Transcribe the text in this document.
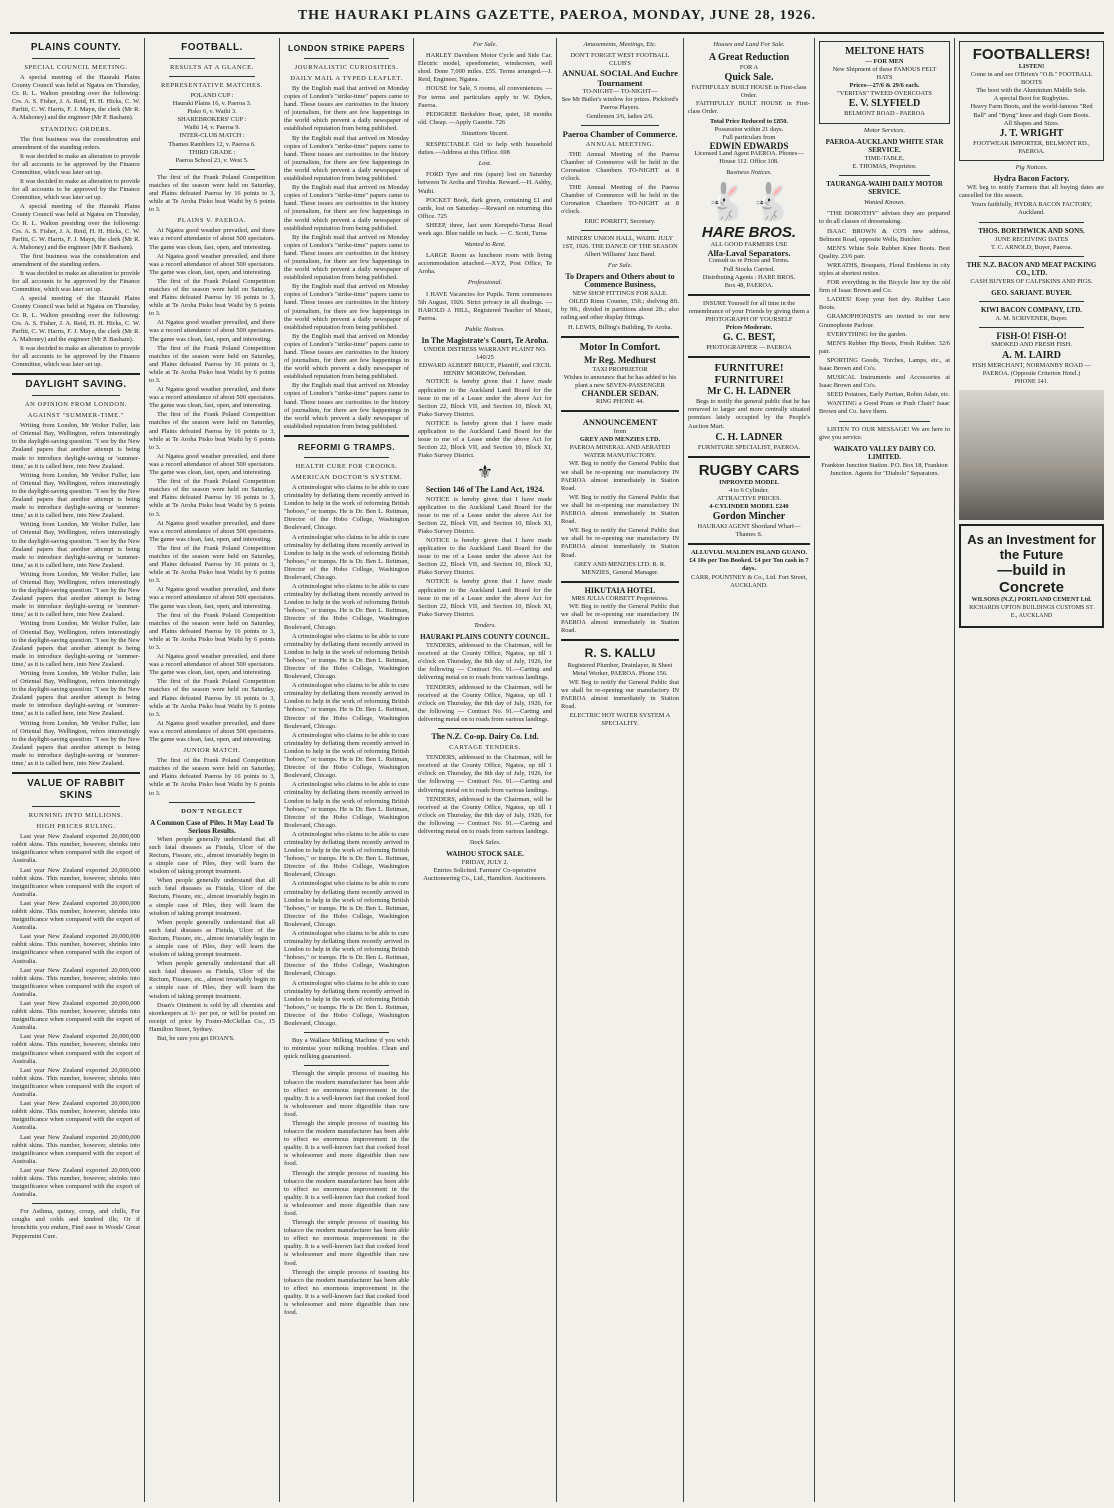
THE HAURAKI PLAINS GAZETTE, PAEROA, MONDAY, JUNE 28, 1926.
PLAINS COUNTY.
SPECIAL COUNCIL MEETING.

A special meeting of the Hauraki Plains County Council was held at Ngatea on Thursday, Cr. R. L. Walton presiding over the following: Crs. A. S. Fisher, J. A. Reid, H. H. Hicks, C. W. Parfitt, C. W. Harris, F. J. Mayn, the clerk (Mr R. A. Mahoney) and the engineer (Mr P. Basham).

STANDING ORDERS.

The first business was the consideration and amendment of the standing orders.

It was decided to make an alteration to provide for all accounts to be approved by the Finance Committee, which was later set up.

It was decided to make an alteration to provide for all accounts to be approved by the Finance Committee, which was later set up.

A special meeting of the Hauraki Plains County Council was held at Ngatea on Thursday, Cr. R. L. Walton presiding over the following: Crs. A. S. Fisher, J. A. Reid, H. H. Hicks, C. W. Parfitt, C. W. Harris, F. J. Mayn, the clerk (Mr R. A. Mahoney) and the engineer (Mr P. Basham).

The first business was the consideration and amendment of the standing orders.

It was decided to make an alteration to provide for all accounts to be approved by the Finance Committee, which was later set up.

A special meeting of the Hauraki Plains County Council was held at Ngatea on Thursday, Cr. R. L. Walton presiding over the following: Crs. A. S. Fisher, J. A. Reid, H. H. Hicks, C. W. Parfitt, C. W. Harris, F. J. Mayn, the clerk (Mr R. A. Mahoney) and the engineer (Mr P. Basham).

It was decided to make an alteration to provide for all accounts to be approved by the Finance Committee, which was later set up.

DAYLIGHT SAVING.
AN OPINION FROM LONDON.
AGAINST "SUMMER-TIME."

Writing from London, Mr Wolter Fuller, late of Oriental Bay, Wellington, refers interestingly to the daylight-saving question. "I see by the New Zealand papers that another attempt is being made to introduce daylight-saving or 'summer-time,' as it is called here, into New Zealand.

Writing from London, Mr Wolter Fuller, late of Oriental Bay, Wellington, refers interestingly to the daylight-saving question. "I see by the New Zealand papers that another attempt is being made to introduce daylight-saving or 'summer-time,' as it is called here, into New Zealand.

Writing from London, Mr Wolter Fuller, late of Oriental Bay, Wellington, refers interestingly to the daylight-saving question. "I see by the New Zealand papers that another attempt is being made to introduce daylight-saving or 'summer-time,' as it is called here, into New Zealand.

Writing from London, Mr Wolter Fuller, late of Oriental Bay, Wellington, refers interestingly to the daylight-saving question. "I see by the New Zealand papers that another attempt is being made to introduce daylight-saving or 'summer-time,' as it is called here, into New Zealand.

Writing from London, Mr Wolter Fuller, late of Oriental Bay, Wellington, refers interestingly to the daylight-saving question. "I see by the New Zealand papers that another attempt is being made to introduce daylight-saving or 'summer-time,' as it is called here, into New Zealand.

Writing from London, Mr Wolter Fuller, late of Oriental Bay, Wellington, refers interestingly to the daylight-saving question. "I see by the New Zealand papers that another attempt is being made to introduce daylight-saving or 'summer-time,' as it is called here, into New Zealand.

Writing from London, Mr Wolter Fuller, late of Oriental Bay, Wellington, refers interestingly to the daylight-saving question. "I see by the New Zealand papers that another attempt is being made to introduce daylight-saving or 'summer-time,' as it is called here, into New Zealand.

VALUE OF RABBIT SKINS
RUNNING INTO MILLIONS.
HIGH PRICES RULING.

Last year New Zealand exported 20,000,000 rabbit skins. This number, however, shrinks into insignificance when compared with the export of Australia.

Last year New Zealand exported 20,000,000 rabbit skins. This number, however, shrinks into insignificance when compared with the export of Australia.

Last year New Zealand exported 20,000,000 rabbit skins. This number, however, shrinks into insignificance when compared with the export of Australia.

Last year New Zealand exported 20,000,000 rabbit skins. This number, however, shrinks into insignificance when compared with the export of Australia.

Last year New Zealand exported 20,000,000 rabbit skins. This number, however, shrinks into insignificance when compared with the export of Australia.

Last year New Zealand exported 20,000,000 rabbit skins. This number, however, shrinks into insignificance when compared with the export of Australia.

Last year New Zealand exported 20,000,000 rabbit skins. This number, however, shrinks into insignificance when compared with the export of Australia.

Last year New Zealand exported 20,000,000 rabbit skins. This number, however, shrinks into insignificance when compared with the export of Australia.

Last year New Zealand exported 20,000,000 rabbit skins. This number, however, shrinks into insignificance when compared with the export of Australia.

Last year New Zealand exported 20,000,000 rabbit skins. This number, however, shrinks into insignificance when compared with the export of Australia.

Last year New Zealand exported 20,000,000 rabbit skins. This number, however, shrinks into insignificance when compared with the export of Australia.

For Asthma, quinsy, croup, and chills, For coughs and colds and kindred ills; Or if bronchitis you endure, Find ease in Woods' Great Peppermint Cure.

FOOTBALL.
RESULTS AT A GLANCE.
REPRESENTATIVE MATCHES.
POLAND CUP :
Hauraki Plains 16, v. Paeroa 3.
Pisko 6, v. Waihi 3.
SHAREBROKERS' CUP :
Waihi 14, v. Paeroa 9.
INTER-CLUB MATCH :
Thames Ramblers 12, v. Paeroa 6.
THIRD GRADE :
Paeroa School 23, v. West 5.

The first of the Frank Poland Competition matches of the season were held on Saturday, and Plains defeated Paeroa by 16 points to 3, while at Te Aroha Pisko beat Waihi by 6 points to 3.

PLAINS V. PAEROA.

At Ngatea good weather prevailed, and there was a record attendance of about 500 spectators. The game was clean, fast, open, and interesting.

At Ngatea good weather prevailed, and there was a record attendance of about 500 spectators. The game was clean, fast, open, and interesting.

The first of the Frank Poland Competition matches of the season were held on Saturday, and Plains defeated Paeroa by 16 points to 3, while at Te Aroha Pisko beat Waihi by 6 points to 3.

At Ngatea good weather prevailed, and there was a record attendance of about 500 spectators. The game was clean, fast, open, and interesting.

The first of the Frank Poland Competition matches of the season were held on Saturday, and Plains defeated Paeroa by 16 points to 3, while at Te Aroha Pisko beat Waihi by 6 points to 3.

At Ngatea good weather prevailed, and there was a record attendance of about 500 spectators. The game was clean, fast, open, and interesting.

The first of the Frank Poland Competition matches of the season were held on Saturday, and Plains defeated Paeroa by 16 points to 3, while at Te Aroha Pisko beat Waihi by 6 points to 3.

At Ngatea good weather prevailed, and there was a record attendance of about 500 spectators. The game was clean, fast, open, and interesting.

The first of the Frank Poland Competition matches of the season were held on Saturday, and Plains defeated Paeroa by 16 points to 3, while at Te Aroha Pisko beat Waihi by 6 points to 3.

At Ngatea good weather prevailed, and there was a record attendance of about 500 spectators. The game was clean, fast, open, and interesting.

The first of the Frank Poland Competition matches of the season were held on Saturday, and Plains defeated Paeroa by 16 points to 3, while at Te Aroha Pisko beat Waihi by 6 points to 3.

At Ngatea good weather prevailed, and there was a record attendance of about 500 spectators. The game was clean, fast, open, and interesting.

The first of the Frank Poland Competition matches of the season were held on Saturday, and Plains defeated Paeroa by 16 points to 3, while at Te Aroha Pisko beat Waihi by 6 points to 3.

At Ngatea good weather prevailed, and there was a record attendance of about 500 spectators. The game was clean, fast, open, and interesting.

The first of the Frank Poland Competition matches of the season were held on Saturday, and Plains defeated Paeroa by 16 points to 3, while at Te Aroha Pisko beat Waihi by 6 points to 3.

At Ngatea good weather prevailed, and there was a record attendance of about 500 spectators. The game was clean, fast, open, and interesting.

JUNIOR MATCH.

The first of the Frank Poland Competition matches of the season were held on Saturday, and Plains defeated Paeroa by 16 points to 3, while at Te Aroha Pisko beat Waihi by 6 points to 3.

DON'T NEGLECT
A Common Case of Piles. It May Lead To Serious Results.

When people generally understand that all such fatal diseases as Fistula, Ulcer of the Rectum, Fissure, etc., almost invariably begin in a simple case of Piles, they will learn the wisdom of taking prompt treatment.

When people generally understand that all such fatal diseases as Fistula, Ulcer of the Rectum, Fissure, etc., almost invariably begin in a simple case of Piles, they will learn the wisdom of taking prompt treatment.

When people generally understand that all such fatal diseases as Fistula, Ulcer of the Rectum, Fissure, etc., almost invariably begin in a simple case of Piles, they will learn the wisdom of taking prompt treatment.

When people generally understand that all such fatal diseases as Fistula, Ulcer of the Rectum, Fissure, etc., almost invariably begin in a simple case of Piles, they will learn the wisdom of taking prompt treatment.

Doan's Ointment is sold by all chemists and storekeepers at 3/- per pot, or will be posted on receipt of price by Foster-McClellan Co., 15 Hamilton Street, Sydney.

But, be sure you get DOAN'S.

LONDON STRIKE PAPERS
JOURNALISTIC CURIOSITIES.
DAILY MAIL A TYPED LEAFLET.

By the English mail that arrived on Monday copies of London's "strike-time" papers came to hand. These issues are curiosities in the history of journalism, for there are few happenings in the world which prevent a daily newspaper of established reputation from being published.

By the English mail that arrived on Monday copies of London's "strike-time" papers came to hand. These issues are curiosities in the history of journalism, for there are few happenings in the world which prevent a daily newspaper of established reputation from being published.

By the English mail that arrived on Monday copies of London's "strike-time" papers came to hand. These issues are curiosities in the history of journalism, for there are few happenings in the world which prevent a daily newspaper of established reputation from being published.

By the English mail that arrived on Monday copies of London's "strike-time" papers came to hand. These issues are curiosities in the history of journalism, for there are few happenings in the world which prevent a daily newspaper of established reputation from being published.

By the English mail that arrived on Monday copies of London's "strike-time" papers came to hand. These issues are curiosities in the history of journalism, for there are few happenings in the world which prevent a daily newspaper of established reputation from being published.

By the English mail that arrived on Monday copies of London's "strike-time" papers came to hand. These issues are curiosities in the history of journalism, for there are few happenings in the world which prevent a daily newspaper of established reputation from being published.

By the English mail that arrived on Monday copies of London's "strike-time" papers came to hand. These issues are curiosities in the history of journalism, for there are few happenings in the world which prevent a daily newspaper of established reputation from being published.

REFORMI G TRAMPS.
HEALTH CURE FOR CROOKS.
AMERICAN DOCTOR'S SYSTEM.

A criminologist who claims to be able to cure criminality by deflating them recently arrived in London to help in the work of reforming British "hoboes," or tramps. He is Dr. Ben L. Reitman, Director of the Hobo College, Washington Boulevard, Chicago.

A criminologist who claims to be able to cure criminality by deflating them recently arrived in London to help in the work of reforming British "hoboes," or tramps. He is Dr. Ben L. Reitman, Director of the Hobo College, Washington Boulevard, Chicago.

A criminologist who claims to be able to cure criminality by deflating them recently arrived in London to help in the work of reforming British "hoboes," or tramps. He is Dr. Ben L. Reitman, Director of the Hobo College, Washington Boulevard, Chicago.

A criminologist who claims to be able to cure criminality by deflating them recently arrived in London to help in the work of reforming British "hoboes," or tramps. He is Dr. Ben L. Reitman, Director of the Hobo College, Washington Boulevard, Chicago.

A criminologist who claims to be able to cure criminality by deflating them recently arrived in London to help in the work of reforming British "hoboes," or tramps. He is Dr. Ben L. Reitman, Director of the Hobo College, Washington Boulevard, Chicago.

A criminologist who claims to be able to cure criminality by deflating them recently arrived in London to help in the work of reforming British "hoboes," or tramps. He is Dr. Ben L. Reitman, Director of the Hobo College, Washington Boulevard, Chicago.

A criminologist who claims to be able to cure criminality by deflating them recently arrived in London to help in the work of reforming British "hoboes," or tramps. He is Dr. Ben L. Reitman, Director of the Hobo College, Washington Boulevard, Chicago.

A criminologist who claims to be able to cure criminality by deflating them recently arrived in London to help in the work of reforming British "hoboes," or tramps. He is Dr. Ben L. Reitman, Director of the Hobo College, Washington Boulevard, Chicago.

A criminologist who claims to be able to cure criminality by deflating them recently arrived in London to help in the work of reforming British "hoboes," or tramps. He is Dr. Ben L. Reitman, Director of the Hobo College, Washington Boulevard, Chicago.

A criminologist who claims to be able to cure criminality by deflating them recently arrived in London to help in the work of reforming British "hoboes," or tramps. He is Dr. Ben L. Reitman, Director of the Hobo College, Washington Boulevard, Chicago.

A criminologist who claims to be able to cure criminality by deflating them recently arrived in London to help in the work of reforming British "hoboes," or tramps. He is Dr. Ben L. Reitman, Director of the Hobo College, Washington Boulevard, Chicago.

Buy a Wallace Milking Machine if you wish to minimise your milking troubles. Clean and quick milking guaranteed.

Through the simple process of toasting his tobacco the modern manufacturer has been able to effect no enormous improvement in the quality. It is a well-known fact that cooked food is wholesomer and more digestible than raw food.

Through the simple process of toasting his tobacco the modern manufacturer has been able to effect no enormous improvement in the quality. It is a well-known fact that cooked food is wholesomer and more digestible than raw food.

Through the simple process of toasting his tobacco the modern manufacturer has been able to effect no enormous improvement in the quality. It is a well-known fact that cooked food is wholesomer and more digestible than raw food.

Through the simple process of toasting his tobacco the modern manufacturer has been able to effect no enormous improvement in the quality. It is a well-known fact that cooked food is wholesomer and more digestible than raw food.

Through the simple process of toasting his tobacco the modern manufacturer has been able to effect no enormous improvement in the quality. It is a well-known fact that cooked food is wholesomer and more digestible than raw food.

For Sale.

HARLEY Davidson Motor Cycle and Side Car. Electric model, speedometer, windscreen, well shod. Done 7,000 miles. £55. Terms arranged.—J. Reid, Engineer, Ngatea.

HOUSE for Sale, 5 rooms, all conveniences. — For terms and particulars apply to W. Dykes, Paeroa.

PEDIGREE Berkshire Boar, quiet, 18 months old. Cheap. —Apply Gazette. 726

Situations Vacant.

RESPECTABLE Girl to help with household duties.—Address at this Office. 698

Lost.

FORD Tyre and rim (spare) lost on Saturday between Te Aroha and Tirohia. Reward.—H. Ashby, Waihi.

POCKET Book, dark green, containing £1 and cards, lost on Saturday.—Reward on returning this Office. 725

SHEEP, three, last seen Kerepehi-Turua Road week ago. Blue raddle on back. — C. Scott, Turua

Wanted to Rent.

LARGE Room as luncheon room with living accommodation attached.—XYZ, Post Office, Te Aroha.

Professional.

I HAVE Vacancies for Pupils. Term commences 5th August, 1926. Strict privacy in all dealings. — HAROLD J. HILL, Registered Teacher of Music, Paeroa.

Public Notices.
In The Magistrate's Court, Te Aroha.
UNDER DISTRESS WARRANT PLAINT NO. 140/25
EDWARD ALBERT BRUCE, Plaintiff, and CECIL HENRY MORROW, Defendant.

NOTICE is hereby given that I have made application to the Auckland Land Board for the issue to me of a Lease under the above Act for Section 22, Block VII, and Section 10, Block XI, Piako Survey District.

NOTICE is hereby given that I have made application to the Auckland Land Board for the issue to me of a Lease under the above Act for Section 22, Block VII, and Section 10, Block XI, Piako Survey District.

⚜
Section 146 of The Land Act, 1924.

NOTICE is hereby given that I have made application to the Auckland Land Board for the issue to me of a Lease under the above Act for Section 22, Block VII, and Section 10, Block XI, Piako Survey District.

NOTICE is hereby given that I have made application to the Auckland Land Board for the issue to me of a Lease under the above Act for Section 22, Block VII, and Section 10, Block XI, Piako Survey District.

NOTICE is hereby given that I have made application to the Auckland Land Board for the issue to me of a Lease under the above Act for Section 22, Block VII, and Section 10, Block XI, Piako Survey District.

Tenders.
HAURAKI PLAINS COUNTY COUNCIL.

TENDERS, addressed to the Chairman, will be received at the County Office, Ngatea, up till 1 o'clock on Thursday, the 8th day of July, 1926, for the following — Contract No. 91.—Carting and delivering metal on to roads from various landings.

TENDERS, addressed to the Chairman, will be received at the County Office, Ngatea, up till 1 o'clock on Thursday, the 8th day of July, 1926, for the following — Contract No. 91.—Carting and delivering metal on to roads from various landings.

The N.Z. Co-op. Dairy Co. Ltd.
CARTAGE TENDERS.

TENDERS, addressed to the Chairman, will be received at the County Office, Ngatea, up till 1 o'clock on Thursday, the 8th day of July, 1926, for the following — Contract No. 91.—Carting and delivering metal on to roads from various landings.

TENDERS, addressed to the Chairman, will be received at the County Office, Ngatea, up till 1 o'clock on Thursday, the 8th day of July, 1926, for the following — Contract No. 91.—Carting and delivering metal on to roads from various landings.

Stock Sales.
WAIHOU STOCK SALE.
FRIDAY, JULY 2.
Entries Solicited. Farmers' Co-operative Auctioneering Co., Ltd., Hamilton. Auctioneers.
Amusements, Meetings, Etc.
DON'T FORGET WEST FOOTBALL CLUB'S
ANNUAL SOCIAL And Euchre Tournament
TO-NIGHT— TO-NIGHT—
See Mr Butler's window for prizes. Pickford's Paeroa Players.
Gentlemen 3/6, ladies 2/6.
Paeroa Chamber of Commerce.
ANNUAL MEETING.

THE Annual Meeting of the Paeroa Chamber of Commerce will be held in the Coronation Chambers TO-NIGHT at 8 o'clock.

THE Annual Meeting of the Paeroa Chamber of Commerce will be held in the Coronation Chambers TO-NIGHT at 8 o'clock.

ERIC PORRITT, Secretary.
MINERS' UNION HALL, WAIHI. JULY 1ST, 1926. THE DANCE OF THE SEASON
Albert Williams' Jazz Band.
For Sale.
To Drapers and Others about to Commence Business,
NEW SHOP FITTINGS FOR SALE.

OILED Rimu Counter, 15ft.; shelving 8ft. by 9ft., divided in partitions about 2ft.; also railing and other display fittings.

H. LEWIS, Billing's Building, Te Aroha.
Motor In Comfort.
Mr Reg. Medhurst
TAXI PROPRIETOR
Wishes to announce that he has added to his plant a new SEVEN-PASSENGER
CHANDLER SEDAN.
RING PHONE 44.
ANNOUNCEMENT
from
GREY AND MENZIES LTD.
PAEROA MINERAL AND AERATED WATER MANUFACTORY.

WE Beg to notify the General Public that we shall be re-opening our manufactory IN PAEROA almost immediately in Station Road.

WE Beg to notify the General Public that we shall be re-opening our manufactory IN PAEROA almost immediately in Station Road.

WE Beg to notify the General Public that we shall be re-opening our manufactory IN PAEROA almost immediately in Station Road.

GREY AND MENZIES LTD. R. R. MENZIES, General Manager.
HIKUTAIA HOTEL
MRS JULIA CORBETT Proprietress.

WE Beg to notify the General Public that we shall be re-opening our manufactory IN PAEROA almost immediately in Station Road.

R. S. KALLU
Registered Plumber, Drainlayer, & Sheet Metal Worker, PAEROA. Phone 156.

WE Beg to notify the General Public that we shall be re-opening our manufactory IN PAEROA almost immediately in Station Road.

ELECTRIC HOT WATER SYSTEM A SPECIALITY.
Houses and Land For Sale.
A Great Reduction
FOR A
Quick Sale.
FAITHFULLY BUILT HOUSE in First-class Order.

FAITHFULLY BUILT HOUSE in First-class Order.

Total Price Reduced to £850.
Possession within 21 days.
Full particulars from
EDWIN EDWARDS
Licensed Land Agent PAEROA. Phones—House 112. Office 108.
Business Notices.
🐇🐇
HARE BROS.
ALL GOOD FARMERS USE
Alfa-Laval Separators.
Consult us re Prices and Terms.
Full Stocks Carried.
Distributing Agents : HARE BROS.
Box 48, PAEROA.
INSURE Yourself for all time in the remembrance of your Friends by giving them a
PHOTOGRAPH OF YOURSELF
Prices Moderate.
G. C. BEST,
PHOTOGRAPHER — PAEROA
FURNITURE! FURNITURE!
Mr C. H. LADNER

Begs to notify the general public that he has removed to larger and more centrally situated premises lately occupied by the People's Auction Mart.

C. H. LADNER
FURNITURE SPECIALIST, PAEROA.
RUGBY CARS
INPROVED MODEL
4 to 6 Cylinder.
ATTRACTIVE PRICES.
4-CYLINDER MODEL £240
Gordon Mincher
HAURAKI AGENT Shortland Wharf—Thames S.
ALLUVIAL MALDEN ISLAND GUANO.
£4 10s per Ton Booked. £4 per Ton cash in 7 days.
CARR, POUNTNEY & Co., Ltd. Fort Street, AUCKLAND.
MELTONE HATS
— FOR MEN
New Shipment of these FAMOUS FELT HATS
Prices—27/6 & 29/6 each.
"VERITAS" TWEED OVERCOATS
E. V. SLYFIELD
BELMONT ROAD - PAEROA
Motor Services.
PAEROA-AUCKLAND WHITE STAR SERVICE.
TIME-TABLE.
E. THOMAS, Proprietor.
TAURANGA-WAIHI DAILY MOTOR SERVICE.
Wanted Known.

"THE DOROTHY" advises they are prepared to do all classes of dressmaking.

ISAAC BROWN & CO'S new address, Belmont Road, opposite Wells, Butcher.

MEN'S White Sole Rubber Knee Boots. Best Quality. 23/6 pair.

WREATHS, Bouquets, Floral Emblems in city styles at shortest notice.

FOR everything in the Bicycle line try the old firm of Isaac Brown and Co.

LADIES! Keep your feet dry. Rubber Lace Boots.

GRAMOPHONISTS are invited to our new Gramophone Parlour.

EVERYTHING for the garden.

MEN'S Rubber Hip Boots, Fresh Rubber. 32/6 pair.

SPORTING Goods, Torches, Lamps, etc., at Isaac Brown and Co's.

MUSICAL Instruments and Accessories at Isaac Brown and Co's.

SEED Potatoes, Early Puritan, Robin Adair, etc.

WANTING a Good Pram or Push Chair? Isaac Brown and Co. have them.

LISTEN TO OUR MESSAGE! We are here to give you service.

WAIKATO VALLEY DAIRY CO. LIMITED.
Frankton Junction Station. P.O. Box 18, Frankton Junction. Agents for "Diabolo" Separators.
FOOTBALLERS!
LISTEN!
Come in and see O'Brien's "O.B." FOOTBALL BOOTS
The boot with the Aluminium Middle Sole.
A special Boot for Rugbyites.
Heavy Farm Boots, and the world-famous "Red Ball" and "Byng" knee and thigh Gum Boots.
All Shapes and Sizes.
J. T. WRIGHT
FOOTWEAR IMPORTER, BELMONT RD., PAEROA.
Pig Notices.
Hydra Bacon Factory.

WE beg to notify Farmers that all buying dates are cancelled for this season.

Yours faithfully, HYDRA BACON FACTORY, Auckland.
THOS. BORTHWICK AND SONS.
JUNE RECEIVING DATES
T. C. ARNOLD, Buyer, Paeroa.
THE N.Z. BACON AND MEAT PACKING CO., LTD.
CASH BUYERS OF CALFSKINS AND PIGS.
GEO. SARJANT. BUYER.
KIWI BACON COMPANY, LTD.
A. M. SCRIVENER, Buyer.
FISH-O! FISH-O!
SMOKED AND FRESH FISH.
A. M. LAIRD
FISH MERCHANT, NORMANBY ROAD — PAEROA. (Opposite Criterion Hotel.)
PHONE 141.
As an Investment for the Future
—build in Concrete
WILSONS (N.Z.) PORTLAND CEMENT Ltd.
RICHARDS UPTON BUILDINGS CUSTOMS ST. E., AUCKLAND
